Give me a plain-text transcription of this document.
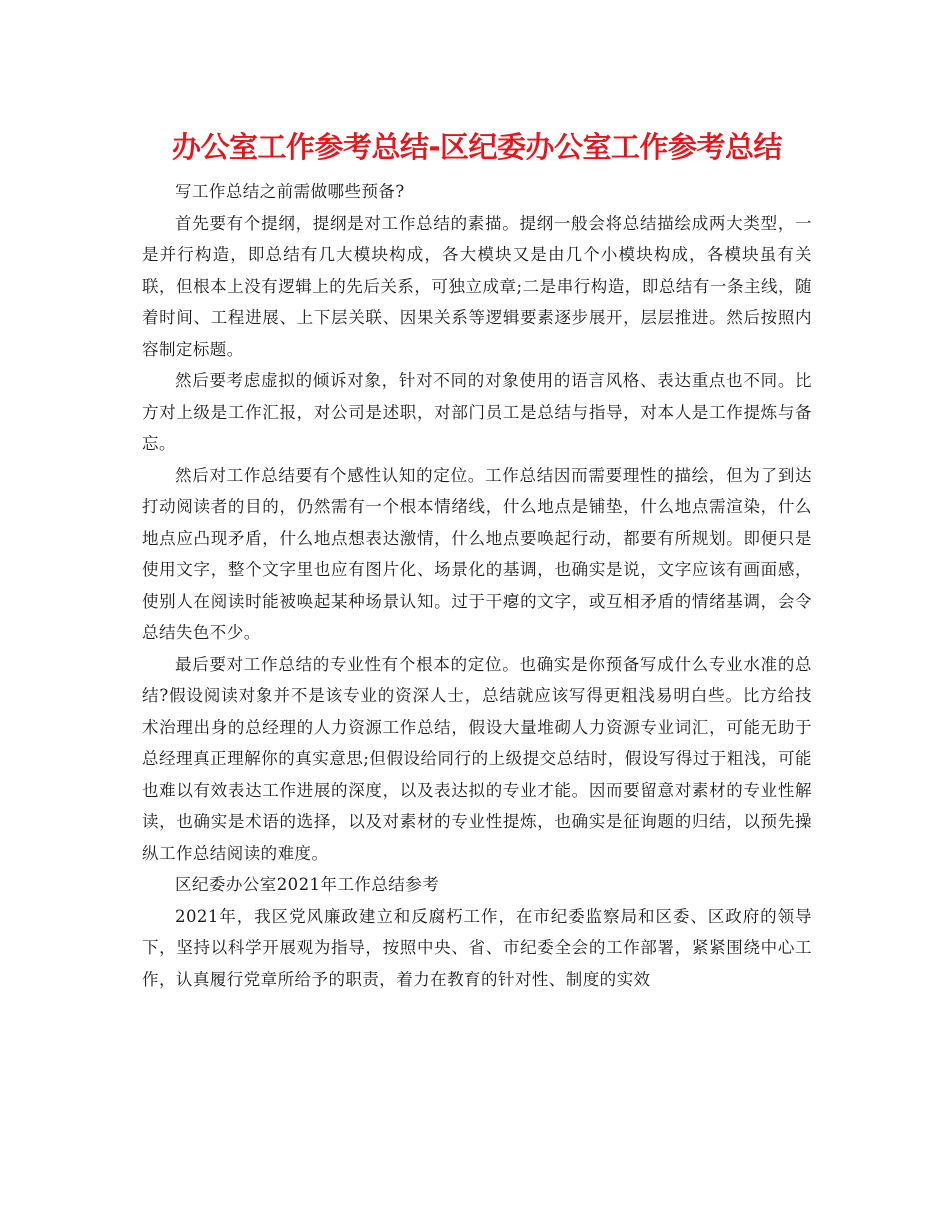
办公室工作参考总结-区纪委办公室工作参考总结

写工作总结之前需做哪些预备?

首先要有个提纲，提纲是对工作总结的素描。提纲一般会将总结描绘成两大类型，一是并行构造，即总结有几大模块构成，各大模块又是由几个小模块构成，各模块虽有关联，但根本上没有逻辑上的先后关系，可独立成章;二是串行构造，即总结有一条主线，随着时间、工程进展、上下层关联、因果关系等逻辑要素逐步展开，层层推进。然后按照内容制定标题。

然后要考虑虚拟的倾诉对象，针对不同的对象使用的语言风格、表达重点也不同。比方对上级是工作汇报，对公司是述职，对部门员工是总结与指导，对本人是工作提炼与备忘。

然后对工作总结要有个感性认知的定位。工作总结因而需要理性的描绘，但为了到达打动阅读者的目的，仍然需有一个根本情绪线，什么地点是铺垫，什么地点需渲染，什么地点应凸现矛盾，什么地点想表达激情，什么地点要唤起行动，都要有所规划。即便只是使用文字，整个文字里也应有图片化、场景化的基调，也确实是说，文字应该有画面感，使别人在阅读时能被唤起某种场景认知。过于干瘪的文字，或互相矛盾的情绪基调，会令总结失色不少。

最后要对工作总结的专业性有个根本的定位。也确实是你预备写成什么专业水准的总结?假设阅读对象并不是该专业的资深人士，总结就应该写得更粗浅易明白些。比方给技术治理出身的总经理的人力资源工作总结，假设大量堆砌人力资源专业词汇，可能无助于总经理真正理解你的真实意思;但假设给同行的上级提交总结时，假设写得过于粗浅，可能也难以有效表达工作进展的深度，以及表达拟的专业才能。因而要留意对素材的专业性解读，也确实是术语的选择，以及对素材的专业性提炼，也确实是征询题的归结，以预先操纵工作总结阅读的难度。

区纪委办公室2021年工作总结参考

2021年，我区党风廉政建立和反腐朽工作，在市纪委监察局和区委、区政府的领导下，坚持以科学开展观为指导，按照中央、省、市纪委全会的工作部署，紧紧围绕中心工作，认真履行党章所给予的职责，着力在教育的针对性、制度的实效
